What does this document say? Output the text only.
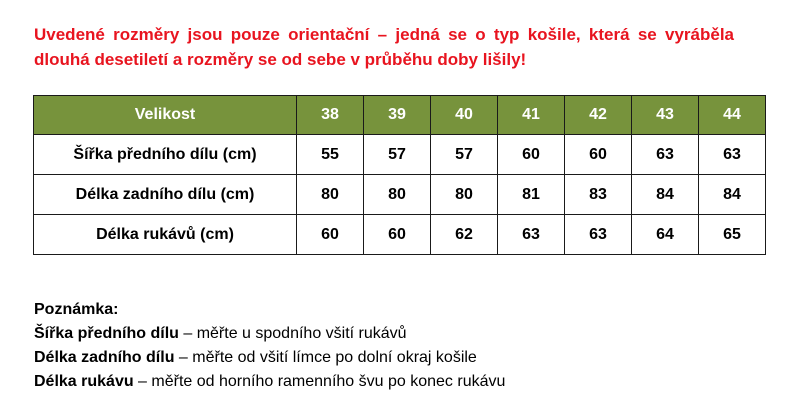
Uvedené rozměry jsou pouze orientační – jedná se o typ košile, která se vyráběla dlouhá desetiletí a rozměry se od sebe v průběhu doby lišily!
Velikost	38	39	40	41	42	43	44
Šířka předního dílu (cm)	55	57	57	60	60	63	63
Délka zadního dílu (cm)	80	80	80	81	83	84	84
Délka rukávů (cm)	60	60	62	63	63	64	65
Poznámka:
Šířka předního dílu – měřte u spodního všití rukávů
Délka zadního dílu – měřte od všití límce po dolní okraj košile
Délka rukávu – měřte od horního ramenního švu po konec rukávu
